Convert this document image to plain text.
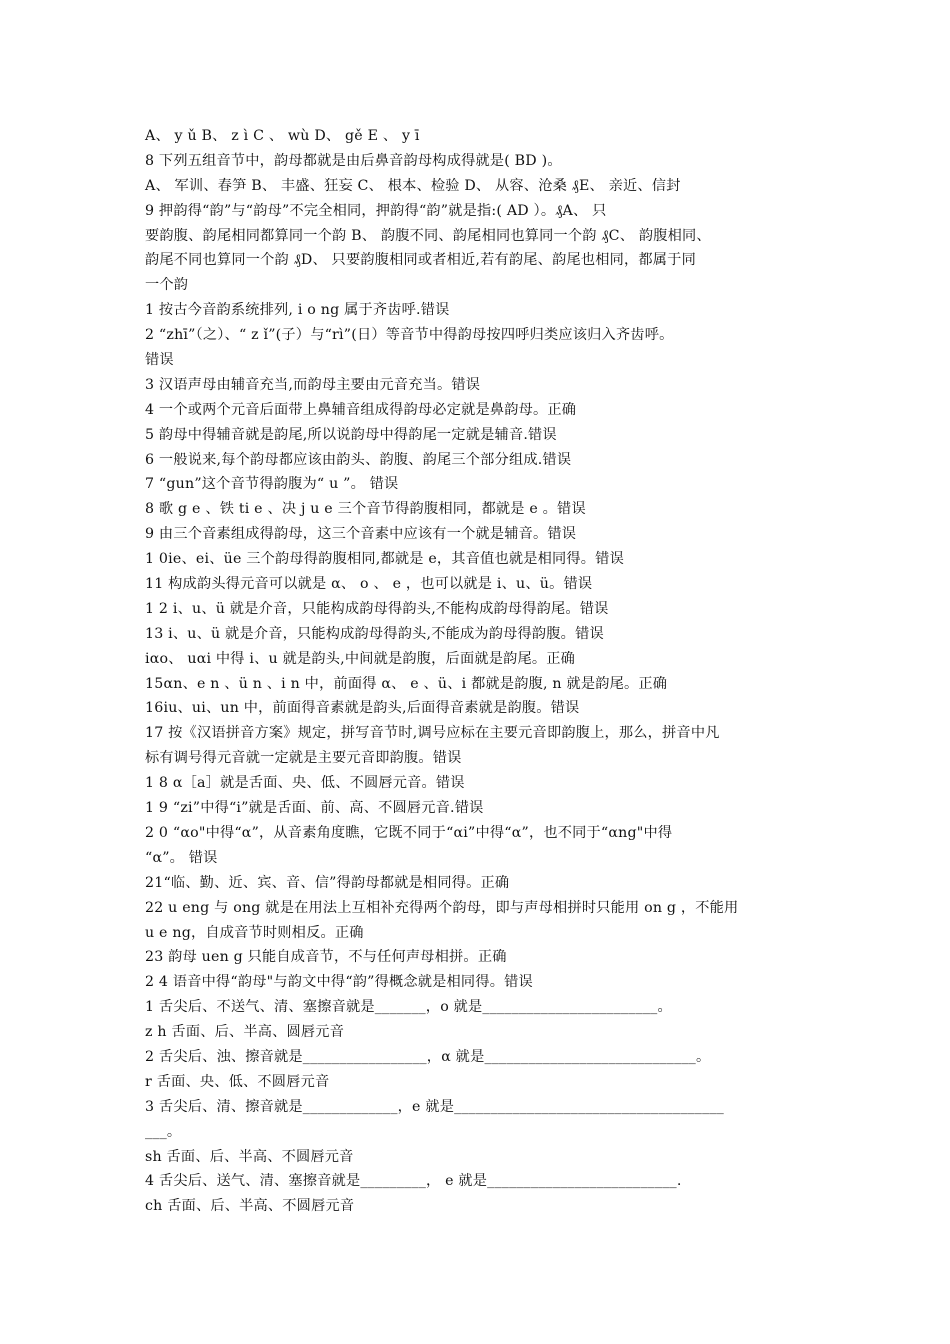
A、 y ǔ B、 z ì C 、 wù D、 gě E 、 y ī
8 下列五组音节中，韵母都就是由后鼻音韵母构成得就是( BD )。
A、 军训、春笋 B、 丰盛、狂妄 C、 根本、检验 D、 从容、沧桑 ₰E、 亲近、信封
9 押韵得“韵”与“韵母”不完全相同，押韵得“韵”就是指:( AD ）。₰A、 只
要韵腹、韵尾相同都算同一个韵 B、 韵腹不同、韵尾相同也算同一个韵 ₰C、 韵腹相同、
韵尾不同也算同一个韵 ₰D、 只要韵腹相同或者相近,若有韵尾、韵尾也相同，都属于同
一个韵
1 按古今音韵系统排列, i o ng 属于齐齿呼.错误
2 “zhī”（之）、“ z ǐ”(子）与“rì”(日）等音节中得韵母按四呼归类应该归入齐齿呼。
错误
3 汉语声母由辅音充当,而韵母主要由元音充当。错误
4 一个或两个元音后面带上鼻辅音组成得韵母必定就是鼻韵母。正确
5 韵母中得辅音就是韵尾,所以说韵母中得韵尾一定就是辅音.错误
6 一般说来,每个韵母都应该由韵头、韵腹、韵尾三个部分组成.错误
7 “gun”这个音节得韵腹为“ u ”。 错误
8 歌 g e 、铁 ti e 、决 j u e 三个音节得韵腹相同，都就是 e 。错误
9 由三个音素组成得韵母，这三个音素中应该有一个就是辅音。错误
1 0ie、ei、üe 三个韵母得韵腹相同,都就是 e，其音值也就是相同得。错误
11 构成韵头得元音可以就是 α、 o 、 e ，也可以就是 i、u、ü。错误
1 2 i、u、ü 就是介音，只能构成韵母得韵头,不能构成韵母得韵尾。错误
13 i、u、ü 就是介音，只能构成韵母得韵头,不能成为韵母得韵腹。错误
iαo、 uαi 中得 i、u 就是韵头,中间就是韵腹，后面就是韵尾。正确
15αn、e n 、ü n 、i n 中，前面得 α、 e 、ü、i 都就是韵腹, n 就是韵尾。正确
16iu、ui、un 中，前面得音素就是韵头,后面得音素就是韵腹。错误
17 按《汉语拼音方案》规定，拼写音节时,调号应标在主要元音即韵腹上，那么，拼音中凡
标有调号得元音就一定就是主要元音即韵腹。错误
1 8 α［a］就是舌面、央、低、不圆唇元音。错误
1 9 “zi”中得“i”就是舌面、前、高、不圆唇元音.错误
2 0 “αo"中得“α”，从音素角度瞧，它既不同于“αi”中得“α”，也不同于“αng"中得
“α”。 错误
21“临、勤、近、宾、音、信”得韵母都就是相同得。正确
22 u eng 与 ong 就是在用法上互相补充得两个韵母，即与声母相拼时只能用 on g ，不能用
u e ng，自成音节时则相反。正确
23 韵母 uen g 只能自成音节，不与任何声母相拼。正确
2 4 语音中得“韵母"与韵文中得“韵”得概念就是相同得。错误
1 舌尖后、不送气、清、塞擦音就是_______，o 就是________________________。
z h 舌面、后、半高、圆唇元音
2 舌尖后、浊、擦音就是_________________，α 就是_____________________________。
r 舌面、央、低、不圆唇元音
3 舌尖后、清、擦音就是_____________，e 就是_____________________________________
___。
sh 舌面、后、半高、不圆唇元音
4 舌尖后、送气、清、塞擦音就是_________， e 就是__________________________.
ch 舌面、后、半高、不圆唇元音
